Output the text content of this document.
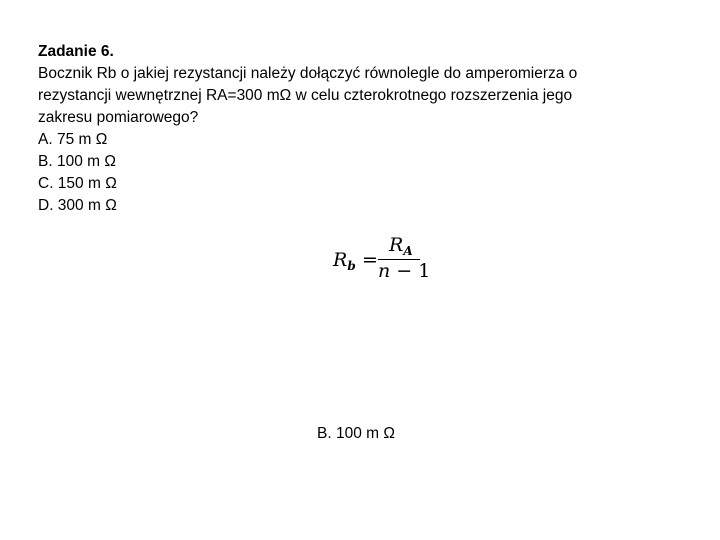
Zadanie 6.
Bocznik Rb o jakiej rezystancji należy dołączyć równolegle do amperomierza o
rezystancji wewnętrznej RA=300 mΩ w celu czterokrotnego rozszerzenia jego
zakresu pomiarowego?
A. 75 m Ω
B. 100 m Ω
C. 150 m Ω
D. 300 m Ω
$R_b$ =
$R_A$
n − 1
B. 100 m Ω
